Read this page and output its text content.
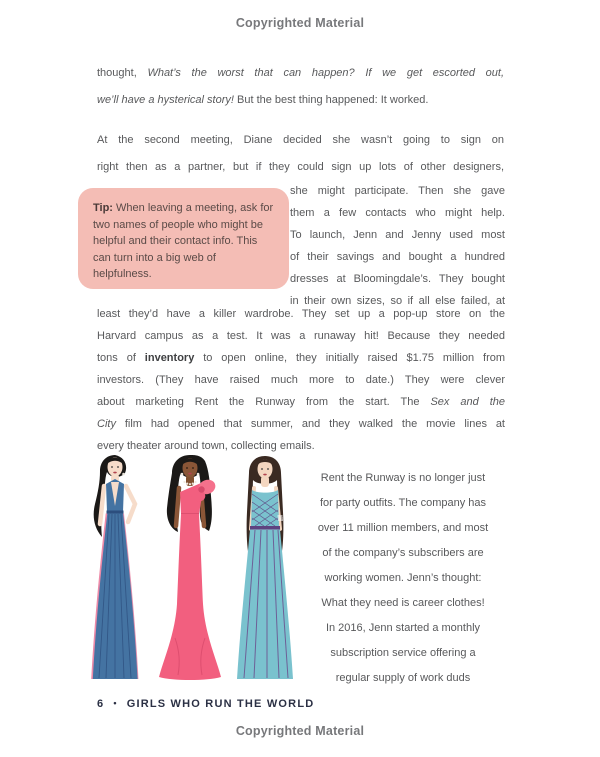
Copyrighted Material
thought, What’s the worst that can happen? If we get escorted out,
we’ll have a hysterical story! But the best thing happened: It worked.
At the second meeting, Diane decided she wasn’t going to sign on
right then as a partner, but if they could sign up lots of other designers,
Tip: When leaving a meeting, ask for two names of people who might be helpful and their contact info. This can turn into a big web of helpfulness.
she might participate. Then she gave
them a few contacts who might help.
To launch, Jenn and Jenny used most
of their savings and bought a hundred
dresses at Bloomingdale’s. They bought
in their own sizes, so if all else failed, at
least they’d have a killer wardrobe. They set up a pop-up store on the
Harvard campus as a test. It was a runaway hit! Because they needed
tons of inventory to open online, they initially raised $1.75 million from
investors. (They have raised much more to date.) They were clever
about marketing Rent the Runway from the start. The Sex and the
City film had opened that summer, and they walked the movie lines at
every theater around town, collecting emails.
Rent the Runway is no longer just
for party outfits. The company has
over 11 million members, and most
of the company’s subscribers are
working women. Jenn’s thought:
What they need is career clothes!
In 2016, Jenn started a monthly
subscription service offering a
regular supply of work duds
6 • GIRLS WHO RUN THE WORLD
Copyrighted Material
